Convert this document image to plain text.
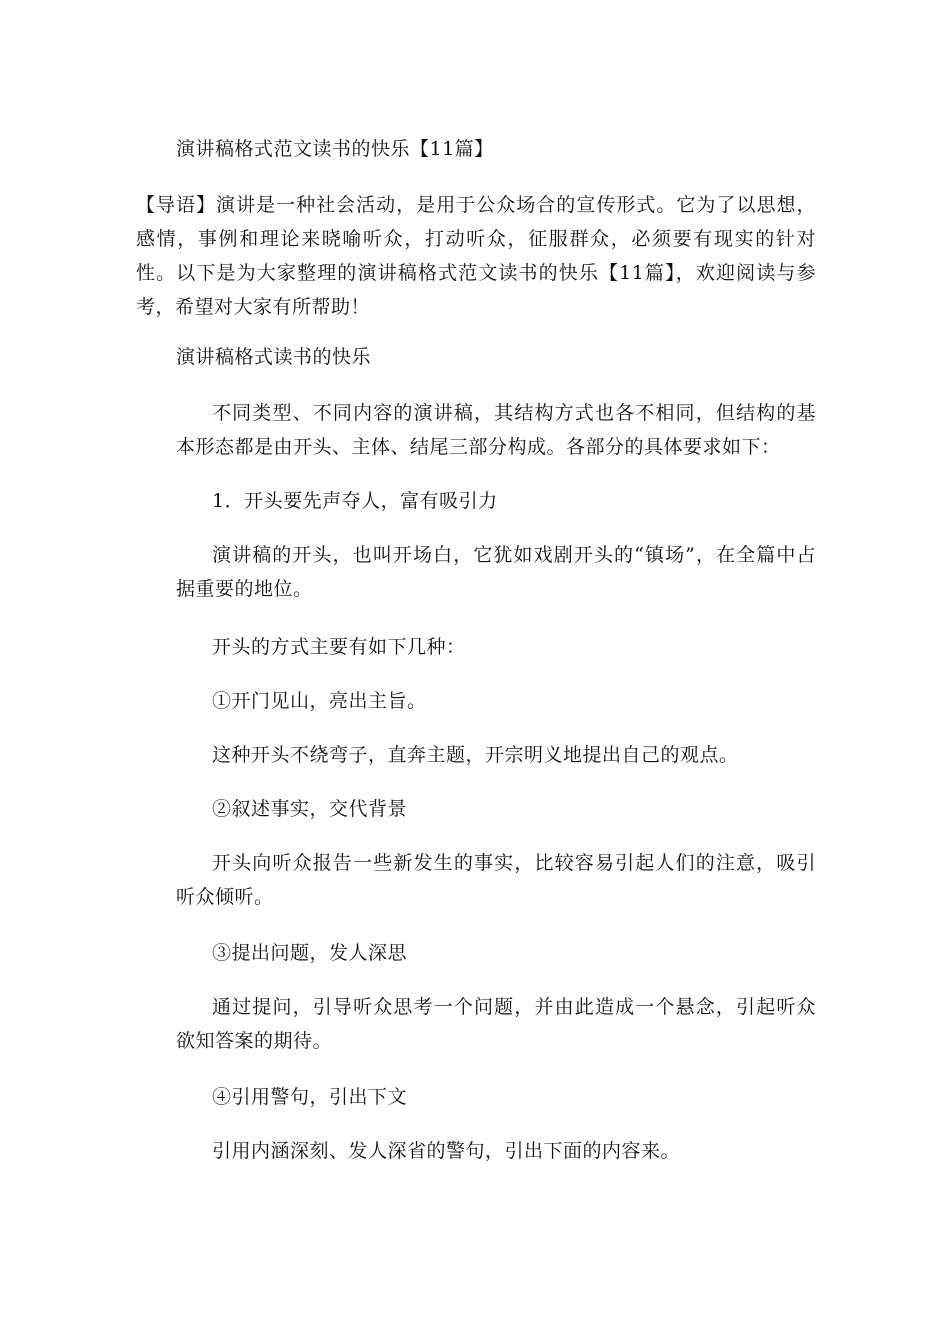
演讲稿格式范文读书的快乐【11篇】

【导语】演讲是一种社会活动，是用于公众场合的宣传形式。它为了以思想，感情，事例和理论来晓喻听众，打动听众，征服群众，必须要有现实的针对性。以下是为大家整理的演讲稿格式范文读书的快乐【11篇】，欢迎阅读与参考，希望对大家有所帮助！

演讲稿格式读书的快乐

不同类型、不同内容的演讲稿，其结构方式也各不相同，但结构的基本形态都是由开头、主体、结尾三部分构成。各部分的具体要求如下：

1．开头要先声夺人，富有吸引力

演讲稿的开头，也叫开场白，它犹如戏剧开头的“镇场”，在全篇中占据重要的地位。

开头的方式主要有如下几种：

①开门见山，亮出主旨。

这种开头不绕弯子，直奔主题，开宗明义地提出自己的观点。

②叙述事实，交代背景

开头向听众报告一些新发生的事实，比较容易引起人们的注意，吸引听众倾听。

③提出问题，发人深思

通过提问，引导听众思考一个问题，并由此造成一个悬念，引起听众欲知答案的期待。

④引用警句，引出下文

引用内涵深刻、发人深省的警句，引出下面的内容来。
